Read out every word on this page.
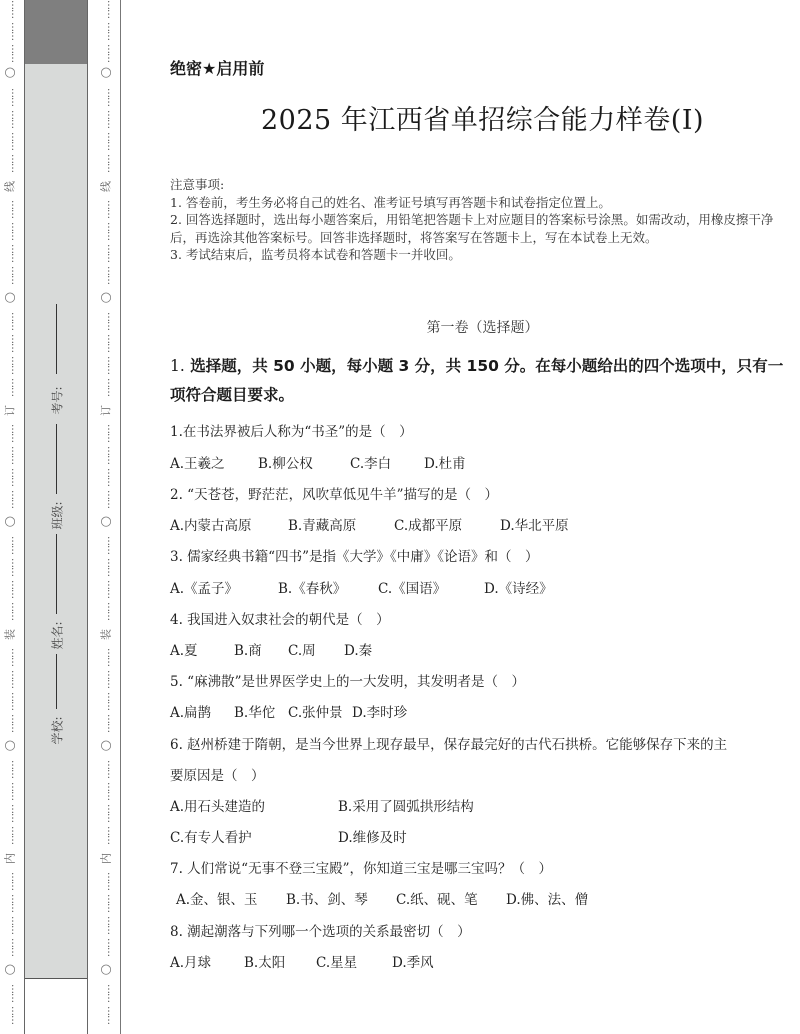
……
……
……
○
……
……
……
……
线
……
……
……
……
○
……
……
……
……
订
……
……
……
……
○
……
……
……
……
装
……
……
……
……
○
……
……
……
……
内
……
……
……
……
○
……
……
考号:
班级:
姓名:
学校:
……
……
……
○
……
……
……
……
线
……
……
……
……
○
……
……
……
……
订
……
……
……
……
○
……
……
……
……
装
……
……
……
……
○
……
……
……
……
内
……
……
……
……
○
……
……
绝密★启用前
2025 年江西省单招综合能力样卷(Ⅰ)

注意事项:

1. 答卷前，考生务必将自己的姓名、准考证号填写再答题卡和试卷指定位置上。

2. 回答选择题时，选出每小题答案后，用铅笔把答题卡上对应题目的答案标号涂黑。如需改动，用橡皮擦干净后，再选涂其他答案标号。回答非选择题时，将答案写在答题卡上，写在本试卷上无效。

3. 考试结束后，监考员将本试卷和答题卡一并收回。

第一卷（选择题）
1. 选择题，共 50 小题，每小题 3 分，共 150 分。在每小题给出的四个选项中，只有一项符合题目要求。
1.在书法界被后人称为“书圣”的是（　）
A.王羲之 B.柳公权	C.李白 D.杜甫
2. “天苍苍，野茫茫，风吹草低见牛羊”描写的是（　）
A.内蒙古高原	B.青藏高原	C.成都平原	D.华北平原
3. 儒家经典书籍“四书”是指《大学》《中庸》《论语》和（　）
A.《孟子》	B.《春秋》 C.《国语》	D.《诗经》
4. 我国进入奴隶社会的朝代是（　）
A.夏	B.商 C.周 D.秦
5. “麻沸散”是世界医学史上的一大发明，其发明者是（　）
A.扁鹊 B.华佗 C.张仲景 D.李时珍
6. 赵州桥建于隋朝，是当今世界上现存最早，保存最完好的古代石拱桥。它能够保存下来的主
要原因是（　）
A.用石头建造的	B.采用了圆弧拱形结构
C.有专人看护	D.维修及时
7. 人们常说“无事不登三宝殿”，你知道三宝是哪三宝吗？（　）
A.金、银、玉 B.书、剑、琴 C.纸、砚、笔 D.佛、法、僧
8. 潮起潮落与下列哪一个选项的关系最密切（　）
A.月球 B.太阳 C.星星	D.季风
